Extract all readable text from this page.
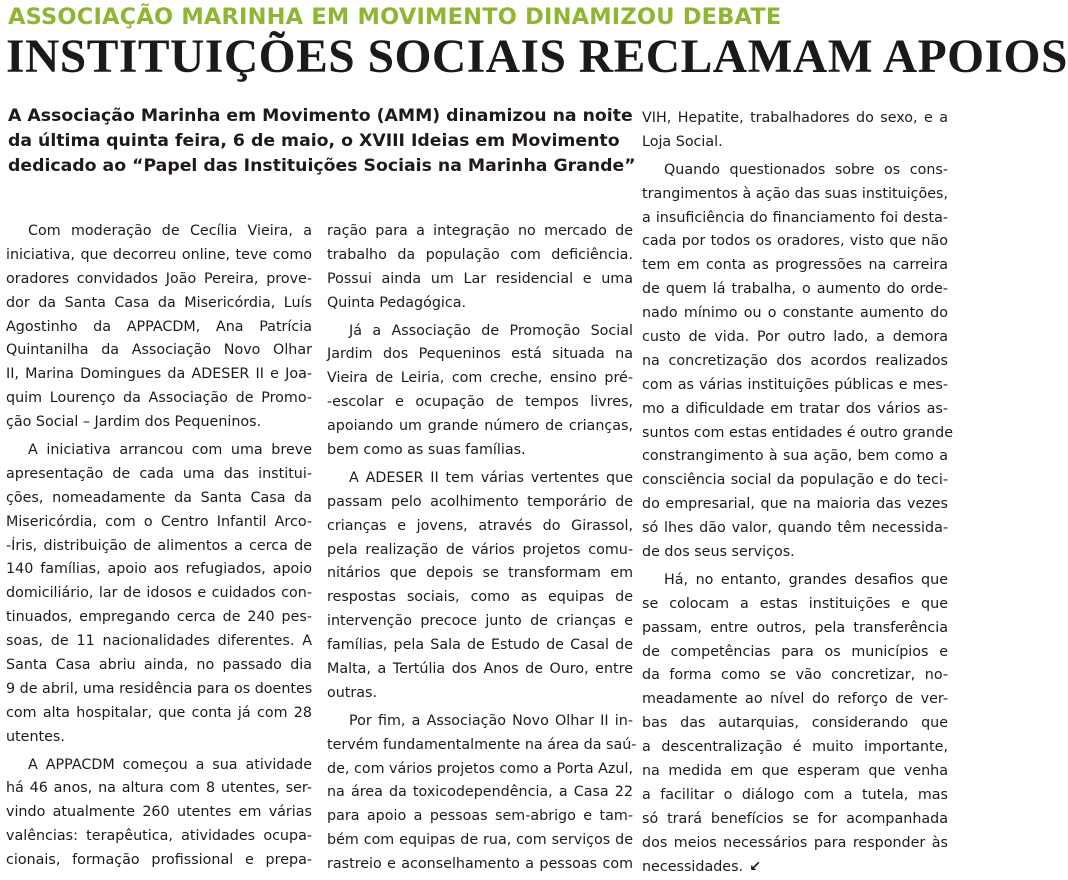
ASSOCIAÇÃO MARINHA EM MOVIMENTO DINAMIZOU DEBATE
INSTITUIÇÕES SOCIAIS RECLAMAM APOIOS
A Associação Marinha em Movimento (AMM) dinamizou na noite
da última quinta feira, 6 de maio, o XVIII Ideias em Movimento
dedicado ao “Papel das Instituições Sociais na Marinha Grande”
Com moderação de Cecília Vieira, a
iniciativa, que decorreu online, teve como
oradores convidados João Pereira, prove-
dor da Santa Casa da Misericórdia, Luís
Agostinho da APPACDM, Ana Patrícia
Quintanilha da Associação Novo Olhar
II, Marina Domingues da ADESER II e Joa-
quim Lourenço da Associação de Promo-
ção Social – Jardim dos Pequeninos.
A iniciativa arrancou com uma breve
apresentação de cada uma das institui-
ções, nomeadamente da Santa Casa da
Misericórdia, com o Centro Infantil Arco-
-Íris, distribuição de alimentos a cerca de
140 famílias, apoio aos refugiados, apoio
domiciliário, lar de idosos e cuidados con-
tinuados, empregando cerca de 240 pes-
soas, de 11 nacionalidades diferentes. A
Santa Casa abriu ainda, no passado dia
9 de abril, uma residência para os doentes
com alta hospitalar, que conta já com 28
utentes.
A APPACDM começou a sua atividade
há 46 anos, na altura com 8 utentes, ser-
vindo atualmente 260 utentes em várias
valências: terapêutica, atividades ocupa-
cionais, formação profissional e prepa-
ração para a integração no mercado de
trabalho da população com deficiência.
Possui ainda um Lar residencial e uma
Quinta Pedagógica.
Já a Associação de Promoção Social
Jardim dos Pequeninos está situada na
Vieira de Leiria, com creche, ensino pré-
-escolar e ocupação de tempos livres,
apoiando um grande número de crianças,
bem como as suas famílias.
A ADESER II tem várias vertentes que
passam pelo acolhimento temporário de
crianças e jovens, através do Girassol,
pela realização de vários projetos comu-
nitários que depois se transformam em
respostas sociais, como as equipas de
intervenção precoce junto de crianças e
famílias, pela Sala de Estudo de Casal de
Malta, a Tertúlia dos Anos de Ouro, entre
outras.
Por fim, a Associação Novo Olhar II in-
tervém fundamentalmente na área da saú-
de, com vários projetos como a Porta Azul,
na área da toxicodependência, a Casa 22
para apoio a pessoas sem-abrigo e tam-
bém com equipas de rua, com serviços de
rastreio e aconselhamento a pessoas com
VIH, Hepatite, trabalhadores do sexo, e a
Loja Social.
Quando questionados sobre os cons-
trangimentos à ação das suas instituições,
a insuficiência do financiamento foi desta-
cada por todos os oradores, visto que não
tem em conta as progressões na carreira
de quem lá trabalha, o aumento do orde-
nado mínimo ou o constante aumento do
custo de vida. Por outro lado, a demora
na concretização dos acordos realizados
com as várias instituições públicas e mes-
mo a dificuldade em tratar dos vários as-
suntos com estas entidades é outro grande
constrangimento à sua ação, bem como a
consciência social da população e do teci-
do empresarial, que na maioria das vezes
só lhes dão valor, quando têm necessida-
de dos seus serviços.
Há, no entanto, grandes desafios que
se colocam a estas instituições e que
passam, entre outros, pela transferência
de competências para os municípios e
da forma como se vão concretizar, no-
meadamente ao nível do reforço de ver-
bas das autarquias, considerando que
a descentralização é muito importante,
na medida em que esperam que venha
a facilitar o diálogo com a tutela, mas
só trará benefícios se for acompanhada
dos meios necessários para responder às
necessidades. ↙
